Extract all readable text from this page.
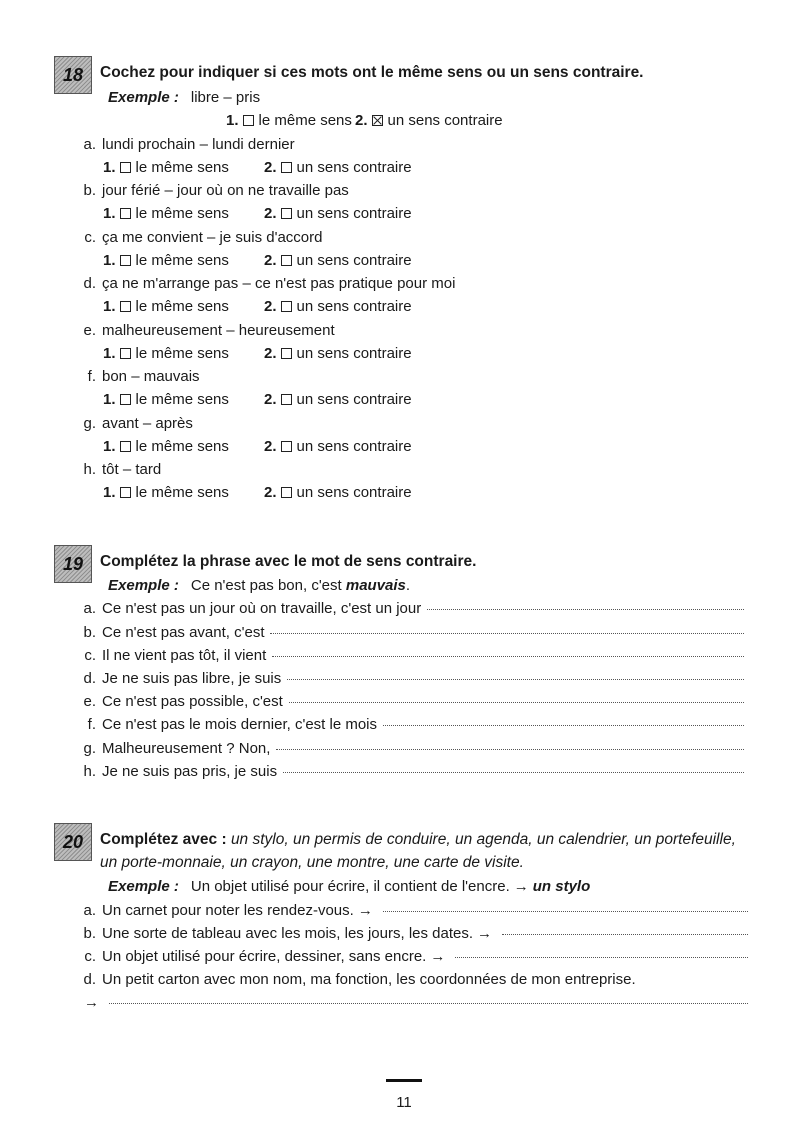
18	Cochez pour indiquer si ces mots ont le même sens ou un sens contraire.
Exemple : libre – pris
1. le même sens 2. un sens contraire
a. lundi prochain – lundi dernier
1. le même sens 2. un sens contraire
b. jour férié – jour où on ne travaille pas
1. le même sens 2. un sens contraire
c. ça me convient – je suis d'accord
1. le même sens 2. un sens contraire
d. ça ne m'arrange pas – ce n'est pas pratique pour moi
1. le même sens 2. un sens contraire
e. malheureusement – heureusement
1. le même sens 2. un sens contraire
f. bon – mauvais
1. le même sens 2. un sens contraire
g. avant – après
1. le même sens 2. un sens contraire
h. tôt – tard
1. le même sens 2. un sens contraire
19	Complétez la phrase avec le mot de sens contraire.
Exemple : Ce n'est pas bon, c'est mauvais.
a. Ce n'est pas un jour où on travaille, c'est un jour
b. Ce n'est pas avant, c'est
c. Il ne vient pas tôt, il vient
d. Je ne suis pas libre, je suis
e. Ce n'est pas possible, c'est
f. Ce n'est pas le mois dernier, c'est le mois
g. Malheureusement ? Non,
h. Je ne suis pas pris, je suis
20	Complétez avec : un stylo, un permis de conduire, un agenda, un calendrier, un portefeuille,
un porte-monnaie, un crayon, une montre, une carte de visite.
Exemple : Un objet utilisé pour écrire, il contient de l'encre. → un stylo
a. Un carnet pour noter les rendez-vous. →
b. Une sorte de tableau avec les mois, les jours, les dates. →
c. Un objet utilisé pour écrire, dessiner, sans encre. →
d. Un petit carton avec mon nom, ma fonction, les coordonnées de mon entreprise.
→
11
